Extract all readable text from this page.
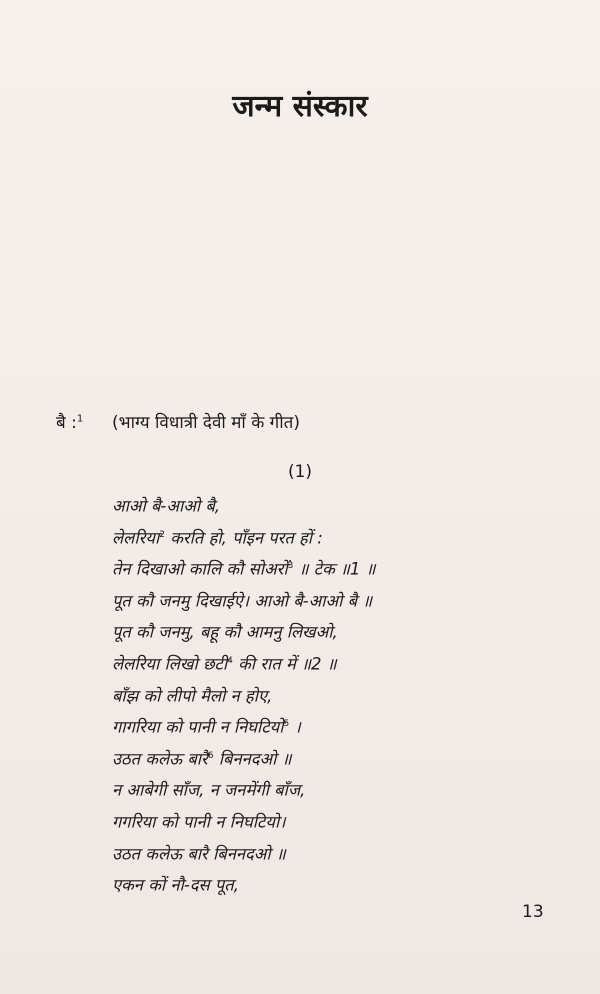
जन्म संस्कार
बै :$^1$ (भाग्य विधात्री देवी माँ के गीत)
(1)
आओ बै-आओ बै,
लेलरिया$^2$ करति हो, पाँइन परत हों :
तेन दिखाओ कालि कौ सोअरों$^3$ ॥ टेक ॥1 ॥
पूत कौ जनमु दिखाईऐ। आओ बै-आओ बै ॥
पूत कौ जनमु, बहू कौ आमनु लिखओ,
लेलरिया लिखो छटी$^4$ की रात में ॥2 ॥
बाँझ को लीपो मैलो न होए,
गागरिया को पानी न निघटियो$^5$ ।
उठत कलेऊ बारै$^6$ बिननदओ ॥
न आबेगी साँज, न जनमेंगी बाँज,
गगरिया को पानी न निघटियो।
उठत कलेऊ बारै बिननदओ ॥
एकन कों नौ-दस पूत,
13
